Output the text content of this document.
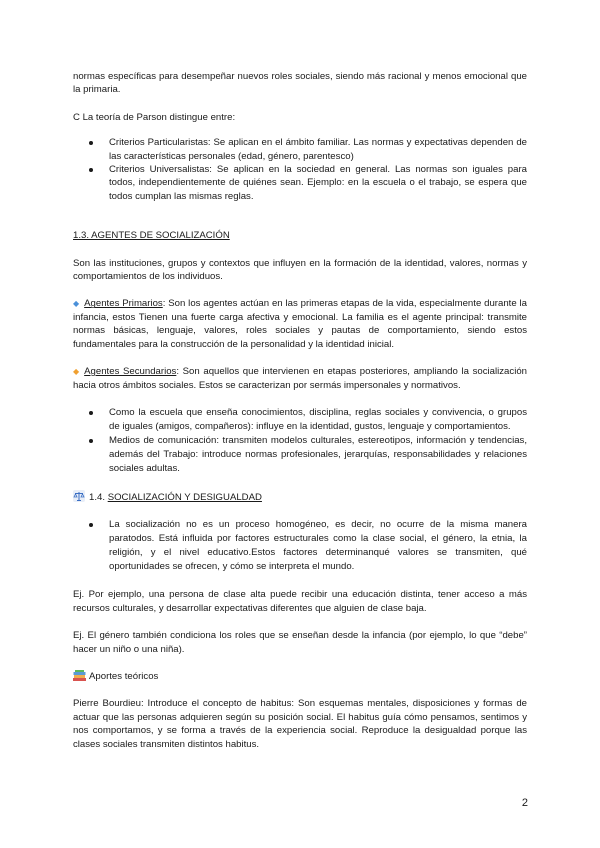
normas específicas para desempeñar nuevos roles sociales, siendo más racional y menos emocional que la primaria.

C La teoría de Parson distingue entre:

Criterios Particularistas: Se aplican en el ámbito familiar. Las normas y expectativas dependen de las características personales (edad, género, parentesco)
Criterios Universalistas: Se aplican en la sociedad en general. Las normas son iguales para todos, independientemente de quiénes sean. Ejemplo: en la escuela o el trabajo, se espera que todos cumplan las mismas reglas.

1.3. AGENTES DE SOCIALIZACIÓN

Son las instituciones, grupos y contextos que influyen en la formación de la identidad, valores, normas y comportamientos de los individuos.

◆ Agentes Primarios: Son los agentes actúan en las primeras etapas de la vida, especialmente durante la infancia, estos Tienen una fuerte carga afectiva y emocional. La familia es el agente principal: transmite normas básicas, lenguaje, valores, roles sociales y pautas de comportamiento, siendo estos fundamentales para la construcción de la personalidad y la identidad inicial.

◆ Agentes Secundarios: Son aquellos que intervienen en etapas posteriores, ampliando la socialización hacia otros ámbitos sociales. Estos se caracterizan por sermás impersonales y normativos.

Como la escuela que enseña conocimientos, disciplina, reglas sociales y convivencia, o grupos de iguales (amigos, compañeros): influye en la identidad, gustos, lenguaje y comportamientos.
Medios de comunicación: transmiten modelos culturales, estereotipos, información y tendencias, además del Trabajo: introduce normas profesionales, jerarquías, responsabilidades y relaciones sociales adultas.

1.4. SOCIALIZACIÓN Y DESIGUALDAD

La socialización no es un proceso homogéneo, es decir, no ocurre de la misma manera paratodos. Está influida por factores estructurales como la clase social, el género, la etnia, la religión, y el nivel educativo.Estos factores determinanqué valores se transmiten, qué oportunidades se ofrecen, y cómo se interpreta el mundo.

Ej. Por ejemplo, una persona de clase alta puede recibir una educación distinta, tener acceso a más recursos culturales, y desarrollar expectativas diferentes que alguien de clase baja.

Ej. El género también condiciona los roles que se enseñan desde la infancia (por ejemplo, lo que “debe” hacer un niño o una niña).

Aportes teóricos

Pierre Bourdieu: Introduce el concepto de habitus: Son esquemas mentales, disposiciones y formas de actuar que las personas adquieren según su posición social. El habitus guía cómo pensamos, sentimos y nos comportamos, y se forma a través de la experiencia social. Reproduce la desigualdad porque las clases sociales transmiten distintos habitus.

2
